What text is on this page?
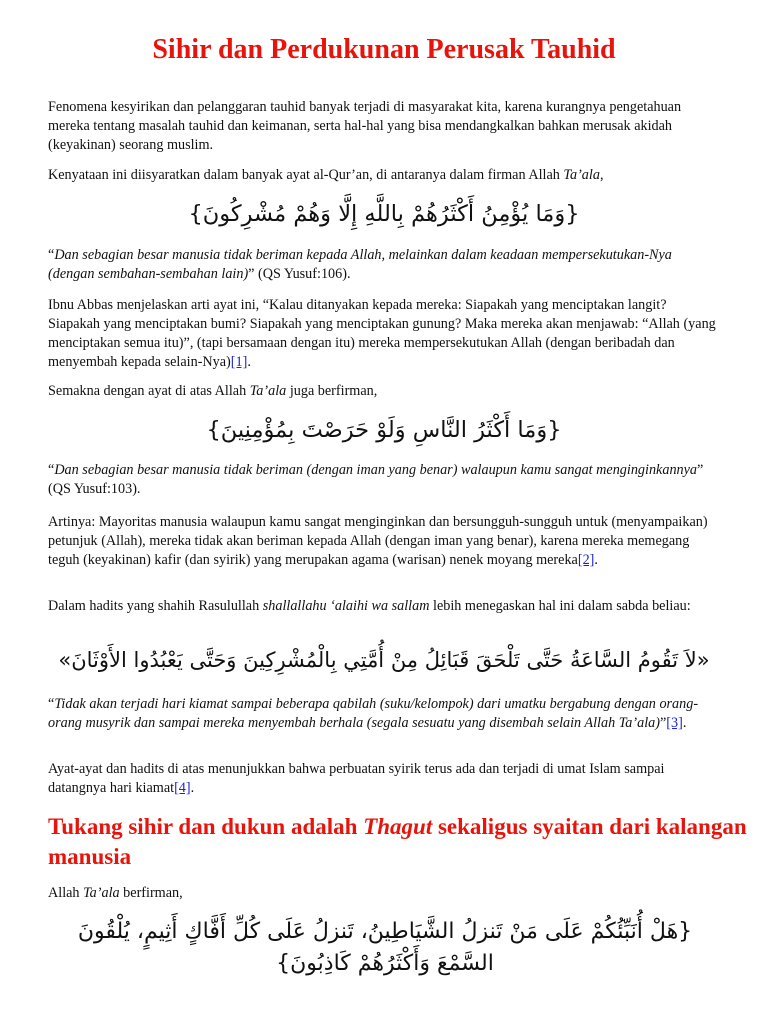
Sihir dan Perdukunan Perusak Tauhid

Fenomena kesyirikan dan pelanggaran tauhid banyak terjadi di masyarakat kita, karena kurangnya pengetahuan mereka tentang masalah tauhid dan keimanan, serta hal-hal yang bisa mendangkalkan bahkan merusak akidah (keyakinan) seorang muslim.

Kenyataan ini diisyaratkan dalam banyak ayat al-Qur’an, di antaranya dalam firman Allah Ta’ala,

{وَمَا يُؤْمِنُ أَكْثَرُهُمْ بِاللَّهِ إِلَّا وَهُمْ مُشْرِكُونَ}

“Dan sebagian besar manusia tidak beriman kepada Allah, melainkan dalam keadaan mempersekutukan-Nya (dengan sembahan-sembahan lain)” (QS Yusuf:106).

Ibnu Abbas menjelaskan arti ayat ini, “Kalau ditanyakan kepada mereka: Siapakah yang menciptakan langit? Siapakah yang menciptakan bumi? Siapakah yang menciptakan gunung? Maka mereka akan menjawab: “Allah (yang menciptakan semua itu)”, (tapi bersamaan dengan itu) mereka mempersekutukan Allah (dengan beribadah dan menyembah kepada selain-Nya)[1].

Semakna dengan ayat di atas Allah Ta’ala juga berfirman,

{وَمَا أَكْثَرُ النَّاسِ وَلَوْ حَرَصْتَ بِمُؤْمِنِينَ}

“Dan sebagian besar manusia tidak beriman (dengan iman yang benar) walaupun kamu sangat menginginkannya” (QS Yusuf:103).

Artinya: Mayoritas manusia walaupun kamu sangat menginginkan dan bersungguh-sungguh untuk (menyampaikan) petunjuk (Allah), mereka tidak akan beriman kepada Allah (dengan iman yang benar), karena mereka memegang teguh (keyakinan) kafir (dan syirik) yang merupakan agama (warisan) nenek moyang mereka[2].

Dalam hadits yang shahih Rasulullah shallallahu ‘alaihi wa sallam lebih menegaskan hal ini dalam sabda beliau:

«لاَ تَقُومُ السَّاعَةُ حَتَّى تَلْحَقَ قَبَائِلُ مِنْ أُمَّتِي بِالْمُشْرِكِينَ وَحَتَّى يَعْبُدُوا الأَوْثَانَ»

“Tidak akan terjadi hari kiamat sampai beberapa qabilah (suku/kelompok) dari umatku bergabung dengan orang-orang musyrik dan sampai mereka menyembah berhala (segala sesuatu yang disembah selain Allah Ta’ala)”[3].

Ayat-ayat dan hadits di atas menunjukkan bahwa perbuatan syirik terus ada dan terjadi di umat Islam sampai datangnya hari kiamat[4].

Tukang sihir dan dukun adalah Thagut sekaligus syaitan dari kalangan manusia

Allah Ta’ala berfirman,

{هَلْ أُنَبِّئُكُمْ عَلَى مَنْ تَنزلُ الشَّيَاطِينُ، تَنزلُ عَلَى كُلِّ أَفَّاكٍ أَثِيمٍ، يُلْقُونَ السَّمْعَ وَأَكْثَرُهُمْ كَاذِبُونَ}
